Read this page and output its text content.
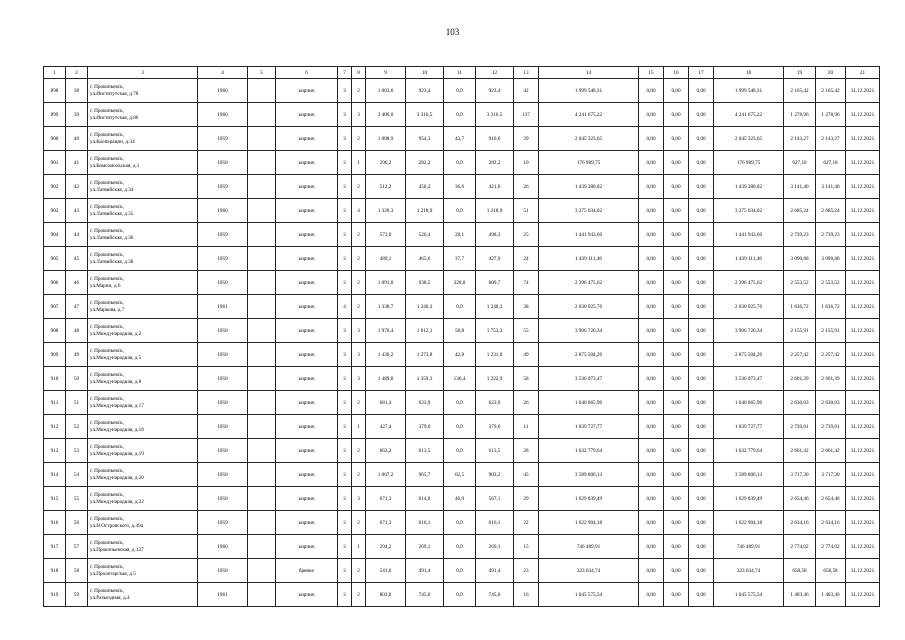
103
1	2	3	4	5	6	7	8	9	10	11	12	13	14	15	16	17	18	19	20	21
898	38	г. Прокопьевск,
ул.Институтская, д.78	1960		кирпич	3	2	1 003,6	923,4	0,0	923,4	42	1 999 548,31	0,00	0,00	0,00	1 999 548,31	2 165,42	2 165,42	31.12.2021
899	39	г. Прокопьевск,
ул.Институтская, д.86	1960		кирпич	3	3	3 400,0	3 316,5	0,0	3 316,5	137	4 241 675,22	0,00	0,00	0,00	4 241 675,22	1 278,96	1 278,96	31.12.2021
900	40	г. Прокопьевск,
ул.Кооперации, д.34	1959		кирпич	3	2	1 008,9	954,3	43,7	910,6	39	2 045 323,65	0,00	0,00	0,00	2 045 323,65	2 143,27	2 143,27	31.12.2021
901	41	г. Прокопьевск,
ул.Комсомольская, д.1	1958		кирпич	2	1	296,2	282,2	0,0	282,2	10	176 989,75	0,00	0,00	0,00	176 989,75	627,18	627,18	31.12.2021
902	42	г. Прокопьевск,
ул.Латвийская, д.34	1959		кирпич	2	2	512,2	458,2	36,6	421,6	26	1 439 388,02	0,00	0,00	0,00	1 439 388,02	3 141,40	3 141,40	31.12.2021
903	43	г. Прокопьевск,
ул.Латвийская, д.35	1960		кирпич	2	4	1 320,3	1 218,9	0,0	1 218,9	51	3 275 034,02	0,00	0,00	0,00	3 275 034,02	2 685,24	2 685,24	31.12.2021
904	44	г. Прокопьевск,
ул.Латвийская, д.36	1959		кирпич	2	2	573,0	526,4	28,1	498,3	25	1 441 943,60	0,00	0,00	0,00	1 441 943,60	2 739,23	2 739,23	31.12.2021
905	45	г. Прокопьевск,
ул.Латвийская, д.38	1959		кирпич	2	2	489,1	465,6	37,7	427,9	24	1 439 111,46	0,00	0,00	0,00	1 439 111,46	3 090,88	3 090,88	31.12.2021
906	46	г. Прокопьевск,
ул.Марии, д.6	1950		кирпич	2	2	1 091,0	938,5	328,8	609,7	74	2 396 475,62	0,00	0,00	0,00	2 396 475,62	2 553,52	2 553,52	31.12.2021
907	47	г. Прокопьевск,
ул.Маркова, д.7	1961		кирпич	4	2	1 338,7	1 240,3	0,0	1 240,3	38	2 030 025,76	0,00	0,00	0,00	2 030 025,76	1 636,72	1 636,72	31.12.2021
908	48	г. Прокопьевск,
ул.Международная, д.2	1958		кирпич	3	3	1 970,4	1 812,1	58,8	1 753,3	55	3 906 720,34	0,00	0,00	0,00	3 906 720,34	2 155,91	2 155,91	31.12.2021
909	49	г. Прокопьевск,
ул.Международная, д.5	1958		кирпич	3	3	1 436,2	1 273,8	42,8	1 231,0	49	2 875 504,26	0,00	0,00	0,00	2 875 504,26	2 257,42	2 257,42	31.12.2021
910	50	г. Прокопьевск,
ул.Международная, д.8	1958		кирпич	2	3	1 489,0	1 359,3	136,4	1 222,9	58	3 536 073,47	0,00	0,00	0,00	3 536 073,47	2 601,39	2 601,39	31.12.2021
911	51	г. Прокопьевск,
ул.Международная, д.17	1958		кирпич	2	2	681,4	623,9	0,0	623,9	26	1 640 865,96	0,00	0,00	0,00	1 640 865,96	2 630,03	2 630,03	31.12.2021
912	52	г. Прокопьевск,
ул.Международная, д.18	1958		кирпич	2	1	427,4	379,6	0,0	379,6	11	1 039 727,77	0,00	0,00	0,00	1 039 727,77	2 739,01	2 739,01	31.12.2021
913	53	г. Прокопьевск,
ул.Международная, д.19	1958		кирпич	2	2	663,2	613,5	0,0	613,5	28	1 632 779,64	0,00	0,00	0,00	1 632 779,64	2 661,42	2 661,42	31.12.2021
914	54	г. Прокопьевск,
ул.Международная, д.20	1958		кирпич	2	2	1 067,2	965,7	62,5	903,2	45	3 589 800,13	0,00	0,00	0,00	3 589 800,13	3 717,30	3 717,30	31.12.2021
915	55	г. Прокопьевск,
ул.Международная, д.22	1958		кирпич	2	3	671,3	614,0	46,9	567,1	29	1 629 839,49	0,00	0,00	0,00	1 629 839,49	2 654,46	2 654,46	31.12.2021
916	56	г. Прокопьевск,
ул.Н.Островского, д.49а	1959		кирпич	2	2	671,3	616,1	0,0	616,1	22	1 622 904,18	0,00	0,00	0,00	1 622 904,18	2 634,16	2 634,16	31.12.2021
917	57	г. Прокопьевск,
ул.Прокопьевская, д.127	1960		кирпич	2	1	294,2	269,1	0,0	269,1	15	746 489,91	0,00	0,00	0,00	746 489,91	2 774,02	2 774,02	31.12.2021
918	58	г. Прокопьевск,
ул.Пролетарская, д.5	1958		бревно	2	2	541,6	491,4	0,0	491,4	23	323 634,74	0,00	0,00	0,00	323 634,74	658,58	658,58	31.12.2021
919	59	г. Прокопьевск,
ул.Разъездная, д.4	1961		кирпич	2	2	803,0	745,0	0,0	745,0	16	1 045 575,54	0,00	0,00	0,00	1 045 575,54	1 403,46	1 403,46	31.12.2021
